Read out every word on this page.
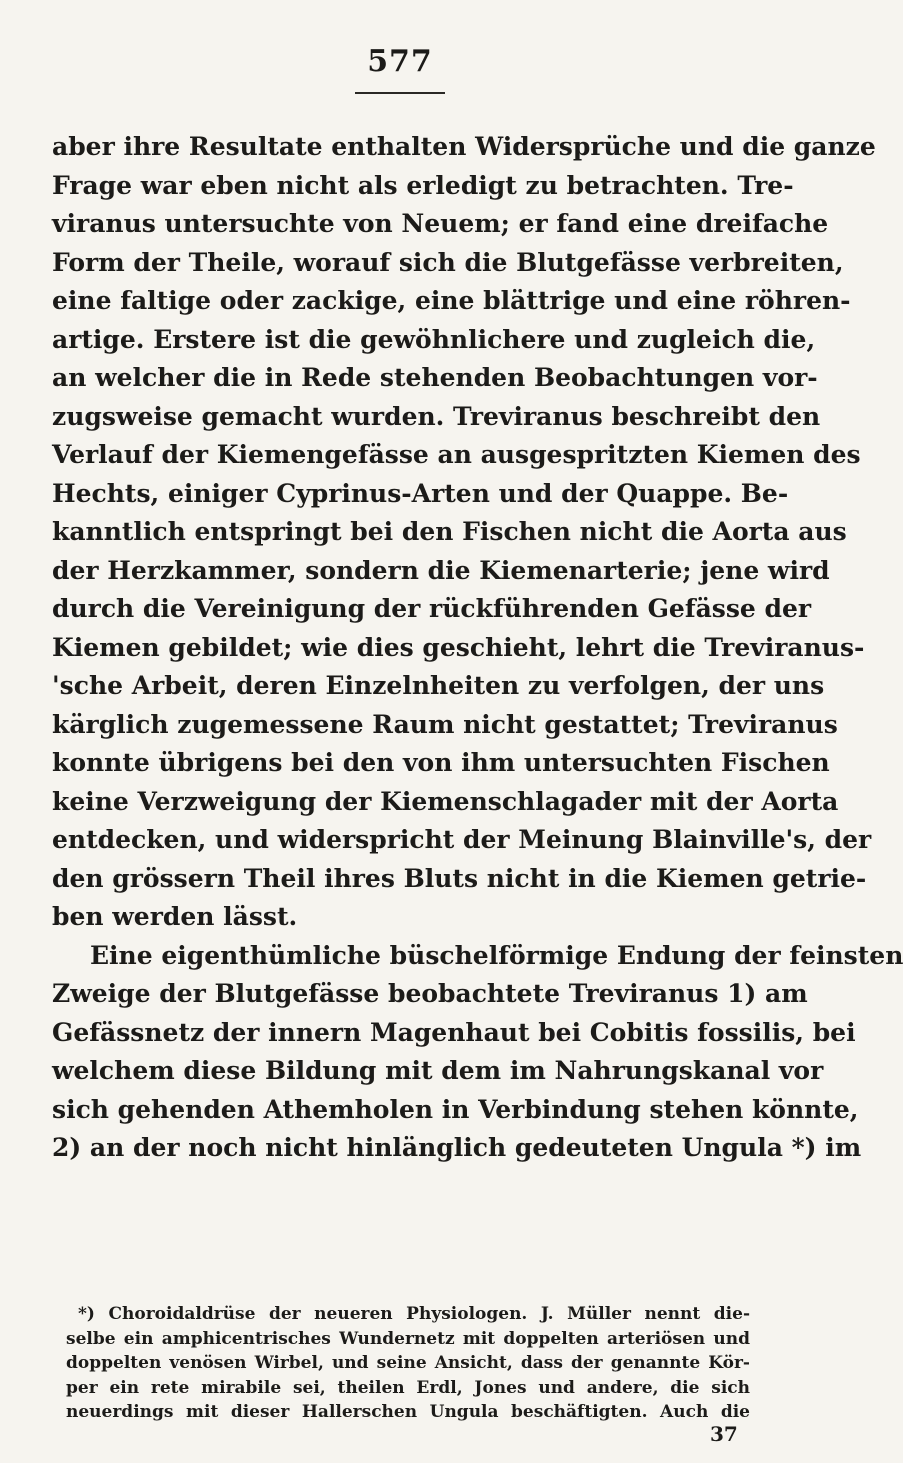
577
aber ihre Resultate enthalten Widersprüche und die ganze
Frage war eben nicht als erledigt zu betrachten. Tre-
viranus untersuchte von Neuem; er fand eine dreifache
Form der Theile, worauf sich die Blutgefässe verbreiten,
eine faltige oder zackige, eine blättrige und eine röhren-
artige. Erstere ist die gewöhnlichere und zugleich die,
an welcher die in Rede stehenden Beobachtungen vor-
zugsweise gemacht wurden. Treviranus beschreibt den
Verlauf der Kiemengefässe an ausgespritzten Kiemen des
Hechts, einiger Cyprinus-Arten und der Quappe. Be-
kanntlich entspringt bei den Fischen nicht die Aorta aus
der Herzkammer, sondern die Kiemenarterie; jene wird
durch die Vereinigung der rückführenden Gefässe der
Kiemen gebildet; wie dies geschieht, lehrt die Treviranus-
'sche Arbeit, deren Einzelnheiten zu verfolgen, der uns
kärglich zugemessene Raum nicht gestattet; Treviranus
konnte übrigens bei den von ihm untersuchten Fischen
keine Verzweigung der Kiemenschlagader mit der Aorta
entdecken, und widerspricht der Meinung Blainville's, der
den grössern Theil ihres Bluts nicht in die Kiemen getrie-
ben werden lässt.
Eine eigenthümliche büschelförmige Endung der feinsten
Zweige der Blutgefässe beobachtete Treviranus 1) am
Gefässnetz der innern Magenhaut bei Cobitis fossilis, bei
welchem diese Bildung mit dem im Nahrungskanal vor
sich gehenden Athemholen in Verbindung stehen könnte,
2) an der noch nicht hinlänglich gedeuteten Ungula *) im
*) Choroidaldrüse der neueren Physiologen. J. Müller nennt die-
selbe ein amphicentrisches Wundernetz mit doppelten arteriösen und
doppelten venösen Wirbel, und seine Ansicht, dass der genannte Kör-
per ein rete mirabile sei, theilen Erdl, Jones und andere, die sich
neuerdings mit dieser Hallerschen Ungula beschäftigten. Auch die
37
